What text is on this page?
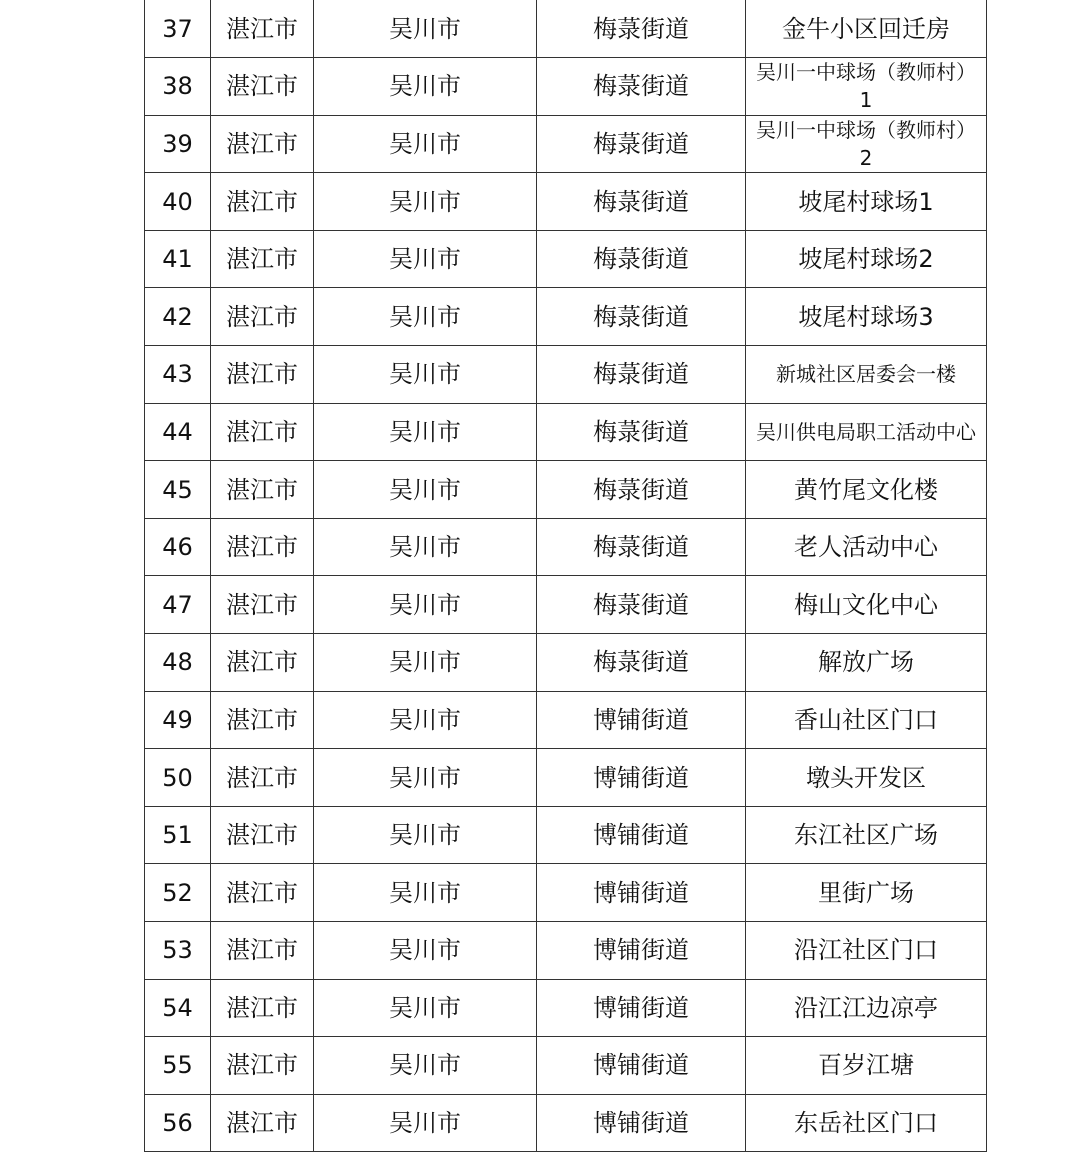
37	湛江市	吴川市	梅菉街道	金牛小区回迁房
38	湛江市	吴川市	梅菉街道	吴川一中球场（教师村）1
39	湛江市	吴川市	梅菉街道	吴川一中球场（教师村）2
40	湛江市	吴川市	梅菉街道	坡尾村球场1
41	湛江市	吴川市	梅菉街道	坡尾村球场2
42	湛江市	吴川市	梅菉街道	坡尾村球场3
43	湛江市	吴川市	梅菉街道	新城社区居委会一楼
44	湛江市	吴川市	梅菉街道	吴川供电局职工活动中心
45	湛江市	吴川市	梅菉街道	黄竹尾文化楼
46	湛江市	吴川市	梅菉街道	老人活动中心
47	湛江市	吴川市	梅菉街道	梅山文化中心
48	湛江市	吴川市	梅菉街道	解放广场
49	湛江市	吴川市	博铺街道	香山社区门口
50	湛江市	吴川市	博铺街道	墩头开发区
51	湛江市	吴川市	博铺街道	东江社区广场
52	湛江市	吴川市	博铺街道	里街广场
53	湛江市	吴川市	博铺街道	沿江社区门口
54	湛江市	吴川市	博铺街道	沿江江边凉亭
55	湛江市	吴川市	博铺街道	百岁江塘
56	湛江市	吴川市	博铺街道	东岳社区门口
